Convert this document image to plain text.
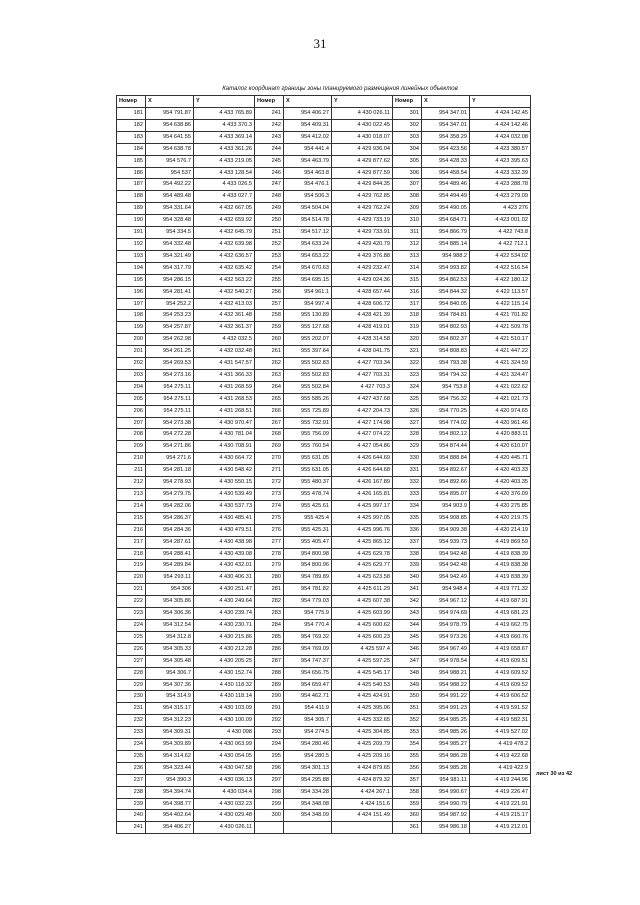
31
Каталог координат границы зоны планируемого размещения линейных объектов
Номер	X	Y	Номер	X	Y	Номер	X	Y
181	954 791.87	4 433 765.89	241	954 406.27	4 430 026.11	301	954 347.01	4 424 142.45
182	954 638.86	4 433 370.3	242	954 409.31	4 430 022.45	302	954 347.01	4 424 142.46
183	954 641.55	4 433 369.14	243	954 412.02	4 430 018.07	303	954 358.29	4 424 032.08
184	954 638.78	4 433 361.26	244	954 441.4	4 429 936.04	304	954 423.56	4 423 380.57
185	954 576.7	4 433 219.05	245	954 463.79	4 429 877.62	305	954 428.33	4 423 395.63
186	954 537	4 433 128.54	246	954 463.8	4 429 877.59	306	954 458.54	4 423 332.39
187	954 492.22	4 433 026.5	247	954 476.1	4 429 844.35	307	954 489.46	4 423 288.78
188	954 489.48	4 433 027.7	248	954 506.3	4 429 762.85	308	954 494.49	4 423 279.09
189	954 331.64	4 432 667.05	249	954 504.04	4 429 762.24	309	954 490.05	4 423 276
190	954 328.48	4 432 659.92	250	954 514.78	4 429 733.19	310	954 684.71	4 423 001.02
191	954 334.5	4 432 645.79	251	954 517.12	4 429 733.91	311	954 866.79	4 422 743.8
192	954 332.48	4 432 639.98	252	954 633.24	4 429 420.79	312	954 885.14	4 422 712.1
193	954 321.49	4 432 636.57	253	954 653.22	4 429 376.88	313	954 988.2	4 422 534.02
194	954 317.79	4 432 635.42	254	954 670.63	4 429 232.47	314	954 993.82	4 422 516.54
195	954 286.15	4 432 563.22	255	954 695.15	4 429 024.36	315	954 862.53	4 422 180.12
196	954 281.41	4 432 540.27	256	954 961.1	4 428 657.44	316	954 844.32	4 422 113.57
197	954 252.2	4 432 413.03	257	954 997.4	4 428 606.72	317	954 840.05	4 422 115.14
198	954 253.23	4 432 361.48	258	955 130.89	4 428 421.39	318	954 784.81	4 421 701.82
199	954 257.87	4 432 361.37	259	955 127.68	4 428 419.01	319	954 802.93	4 421 509.78
200	954 262.98	4 432 032.5	260	955 202.07	4 428 314.58	320	954 802.37	4 421 510.17
201	954 261.25	4 432 032.48	261	955 397.64	4 428 041.75	321	954 808.83	4 421 447.22
202	954 269.53	4 431 547.57	262	955 502.83	4 427 703.34	322	954 793.38	4 421 324.59
203	954 273.16	4 431 366.33	263	955 502.83	4 427 703.31	323	954 794.32	4 421 324.47
204	954 275.11	4 431 268.59	264	955 502.84	4 427 703.3	324	954 753.8	4 421 022.62
205	954 275.11	4 431 268.53	265	955 585.26	4 427 437.68	325	954 756.32	4 421 021.73
206	954 275.11	4 431 268.51	266	955 725.89	4 427 204.73	326	954 770.25	4 420 974.65
207	954 273.38	4 430 970.47	267	955 732.91	4 427 174.98	327	954 774.02	4 420 961.46
208	954 272.28	4 430 781.04	268	955 756.09	4 427 074.22	328	954 802.12	4 420 883.11
209	954 271.86	4 430 708.91	269	955 760.54	4 427 054.86	329	954 874.44	4 420 610.07
210	954 271.6	4 430 664.72	270	955 631.05	4 426 644.69	330	954 888.84	4 420 445.71
211	954 281.18	4 430 548.42	271	955 631.05	4 426 644.68	331	954 892.67	4 420 403.33
212	954 278.93	4 430 550.15	272	955 480.37	4 426 167.89	332	954 892.66	4 420 403.35
213	954 279.75	4 430 539.49	273	955 478.74	4 426 165.81	333	954 895.07	4 420 376.09
214	954 282.06	4 430 537.73	274	955 425.61	4 425 997.17	334	954 903.9	4 420 275.85
215	954 286.37	4 430 485.41	275	955 425.4	4 425 997.05	335	954 908.85	4 420 219.75
216	954 284.36	4 430 479.51	276	955 425.31	4 425 996.76	336	954 909.38	4 420 214.19
217	954 287.61	4 430 438.98	277	955 405.47	4 425 865.12	337	954 939.73	4 419 869.59
218	954 288.41	4 430 439.08	278	954 800.98	4 425 629.78	338	954 942.48	4 419 838.39
219	954 289.84	4 430 432.01	279	954 800.96	4 425 629.77	339	954 942.48	4 419 838.38
220	954 293.11	4 430 406.31	280	954 789.89	4 425 623.58	340	954 942.49	4 419 838.39
221	954 306	4 430 251.47	281	954 781.82	4 425 611.29	341	954 948.4	4 419 771.32
222	954 305.86	4 430 249.64	282	954 779.03	4 425 607.38	342	954 967.12	4 419 687.91
223	954 306.36	4 430 239.74	283	954 775.9	4 425 603.99	343	954 974.69	4 419 681.23
224	954 312.54	4 430 230.71	284	954 770.4	4 425 600.62	344	954 978.79	4 419 662.75
225	954 312.8	4 430 215.86	285	954 769.32	4 425 600.23	345	954 973.26	4 419 660.76
226	954 305.33	4 430 212.28	286	954 769.09	4 425 597.4	346	954 967.49	4 419 658.67
227	954 305.48	4 430 205.25	287	954 747.37	4 425 597.25	347	954 978.54	4 419 609.51
228	954 306.7	4 430 152.74	288	954 656.75	4 425 545.17	348	954 988.21	4 419 609.52
229	954 307.36	4 430 118.32	289	954 659.47	4 425 540.53	349	954 988.22	4 419 609.52
230	954 314.9	4 430 118.14	290	954 462.71	4 425 424.91	350	954 991.22	4 419 606.52
231	954 315.17	4 430 103.09	291	954 411.9	4 425 395.06	351	954 991.23	4 419 591.52
232	954 312.23	4 430 100.09	292	954 305.7	4 425 332.65	352	954 985.25	4 419 582.31
233	954 309.31	4 430 098	293	954 274.5	4 425 304.85	353	954 985.26	4 419 527.02
234	954 309.89	4 430 063.99	294	954 280.46	4 425 209.79	354	954 985.27	4 419 478.2
235	954 314.62	4 430 054.05	295	954 280.5	4 425 209.16	355	954 986.28	4 419 422.68
236	954 323.44	4 430 047.58	296	954 301.13	4 424 879.65	356	954 985.28	4 419 422.9
237	954 390.3	4 430 036.13	297	954 295.88	4 424 879.32	357	954 981.11	4 419 244.96
238	954 394.74	4 430 034.4	298	954 334.28	4 424 267.1	358	954 990.67	4 419 226.47
239	954 398.77	4 430 032.23	299	954 348.08	4 424 151.6	359	954 990.79	4 419 221.91
240	954 402.64	4 430 029.48	300	954 348.09	4 424 151.49	360	954 987.92	4 419 215.17
241	954 406.27	4 430 026.11				361	954 986.18	4 419 212.01
лист 30 из 42
